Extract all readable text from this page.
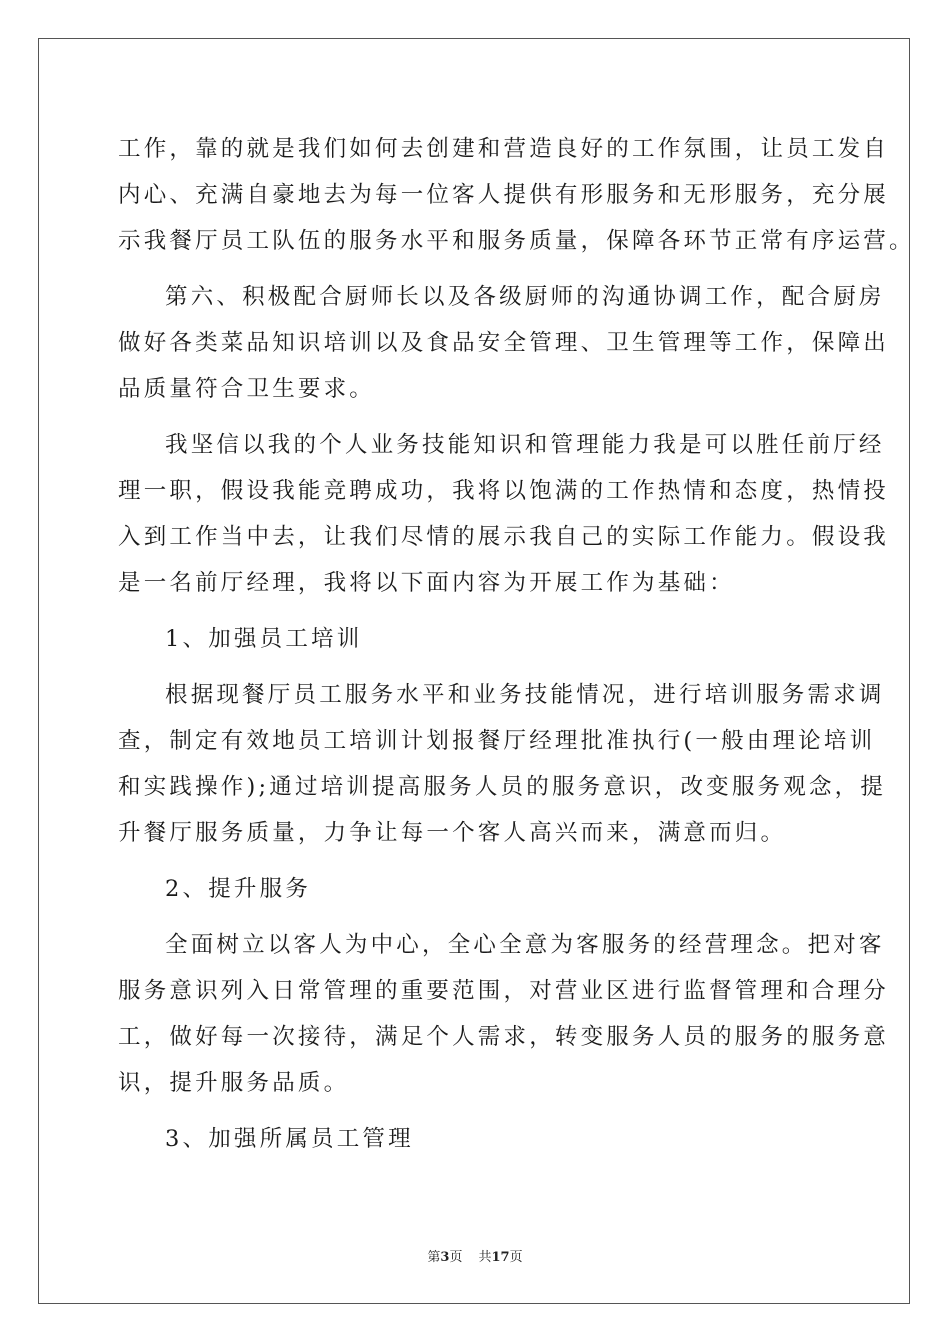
工作，靠的就是我们如何去创建和营造良好的工作氛围，让员工发自
内心、充满自豪地去为每一位客人提供有形服务和无形服务，充分展
示我餐厅员工队伍的服务水平和服务质量，保障各环节正常有序运营。
第六、积极配合厨师长以及各级厨师的沟通协调工作，配合厨房
做好各类菜品知识培训以及食品安全管理、卫生管理等工作，保障出
品质量符合卫生要求。
我坚信以我的个人业务技能知识和管理能力我是可以胜任前厅经
理一职，假设我能竞聘成功，我将以饱满的工作热情和态度，热情投
入到工作当中去，让我们尽情的展示我自己的实际工作能力。假设我
是一名前厅经理，我将以下面内容为开展工作为基础：
1、加强员工培训
根据现餐厅员工服务水平和业务技能情况，进行培训服务需求调
查，制定有效地员工培训计划报餐厅经理批准执行(一般由理论培训
和实践操作);通过培训提高服务人员的服务意识，改变服务观念，提
升餐厅服务质量，力争让每一个客人高兴而来，满意而归。
2、提升服务
全面树立以客人为中心，全心全意为客服务的经营理念。把对客
服务意识列入日常管理的重要范围，对营业区进行监督管理和合理分
工，做好每一次接待，满足个人需求，转变服务人员的服务的服务意
识，提升服务品质。
3、加强所属员工管理
第3页 共17页
